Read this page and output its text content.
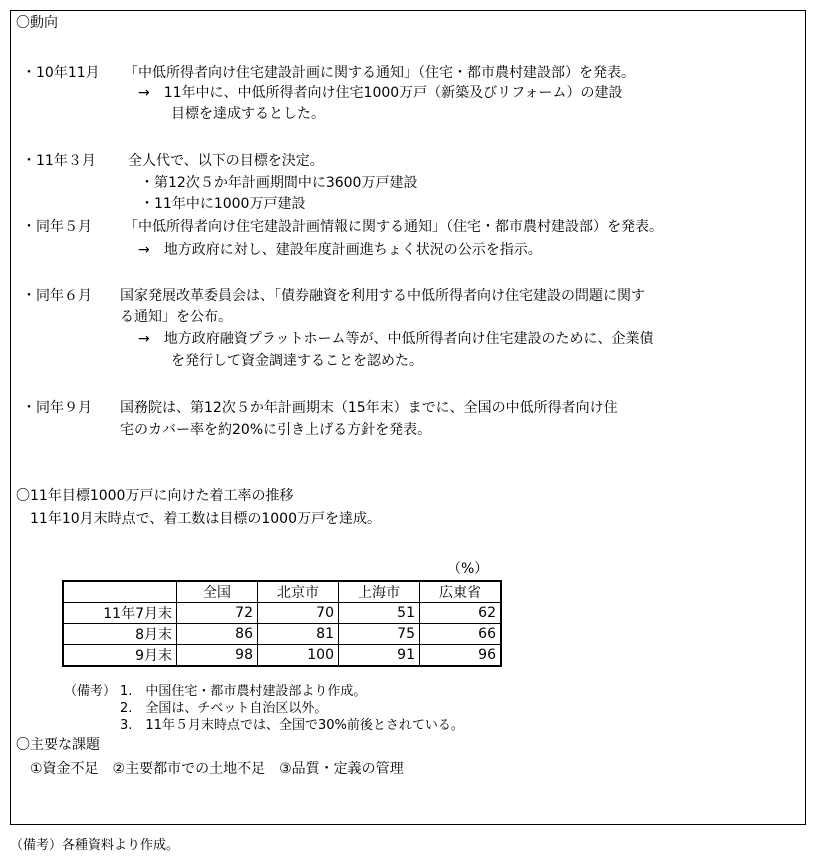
〇動向
・10年11月 「中低所得者向け住宅建設計画に関する通知」（住宅・都市農村建設部）を発表。
→　11年中に、中低所得者向け住宅1000万戸（新築及びリフォーム）の建設
目標を達成するとした。
・11年３月 全人代で、以下の目標を決定。
・第12次５か年計画期間中に3600万戸建設
・11年中に1000万戸建設
・同年５月 「中低所得者向け住宅建設計画情報に関する通知」（住宅・都市農村建設部）を発表。
→　地方政府に対し、建設年度計画進ちょく状況の公示を指示。
・同年６月 国家発展改革委員会は、「債券融資を利用する中低所得者向け住宅建設の問題に関す
る通知」を公布。
→　地方政府融資プラットホーム等が、中低所得者向け住宅建設のために、企業債
を発行して資金調達することを認めた。
・同年９月 国務院は、第12次５か年計画期末（15年末）までに、全国の中低所得者向け住
宅のカバー率を約20%に引き上げる方針を発表。
〇11年目標1000万戸に向けた着工率の推移
11年10月末時点で、着工数は目標の1000万戸を達成。
（%）
	全国	北京市	上海市	広東省
11年7月末	72	70	51	62
8月末	86	81	75	66
9月末	98	100	91	96
（備考） 1.　中国住宅・都市農村建設部より作成。
2.　全国は、チベット自治区以外。
3.　11年５月末時点では、全国で30%前後とされている。
〇主要な課題
①資金不足　②主要都市での土地不足　③品質・定義の管理
（備考）各種資料より作成。
